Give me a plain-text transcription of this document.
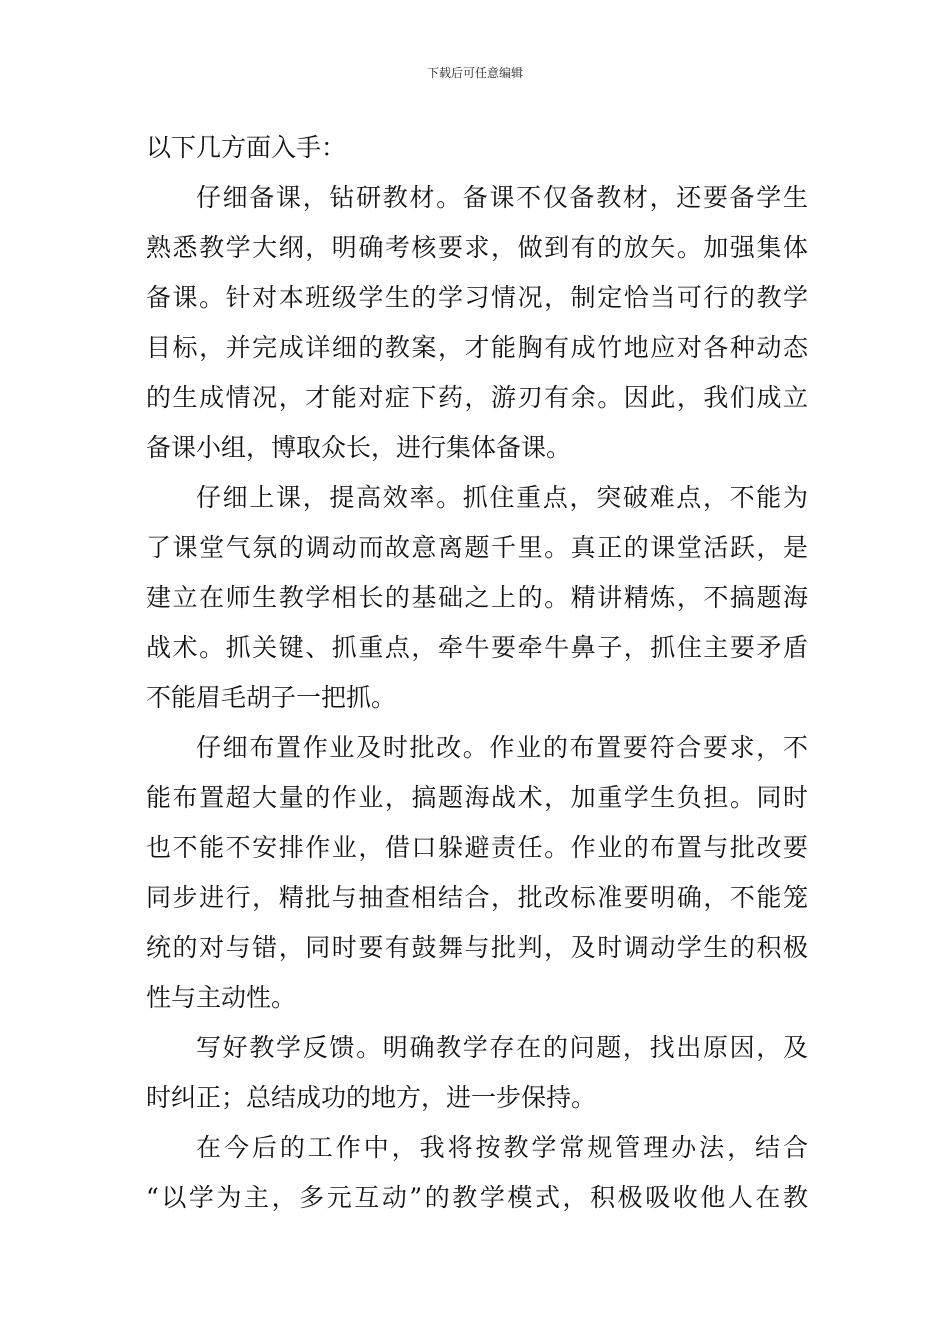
下载后可任意编辑
以下几方面入手：
仔细备课，钻研教材。备课不仅备教材，还要备学生
熟悉教学大纲，明确考核要求，做到有的放矢。加强集体
备课。针对本班级学生的学习情况，制定恰当可行的教学
目标，并完成详细的教案，才能胸有成竹地应对各种动态
的生成情况，才能对症下药，游刃有余。因此，我们成立
备课小组，博取众长，进行集体备课。
仔细上课，提高效率。抓住重点，突破难点，不能为
了课堂气氛的调动而故意离题千里。真正的课堂活跃，是
建立在师生教学相长的基础之上的。精讲精炼，不搞题海
战术。抓关键、抓重点，牵牛要牵牛鼻子，抓住主要矛盾
不能眉毛胡子一把抓。
仔细布置作业及时批改。作业的布置要符合要求，不
能布置超大量的作业，搞题海战术，加重学生负担。同时
也不能不安排作业，借口躲避责任。作业的布置与批改要
同步进行，精批与抽查相结合，批改标准要明确，不能笼
统的对与错，同时要有鼓舞与批判，及时调动学生的积极
性与主动性。
写好教学反馈。明确教学存在的问题，找出原因，及
时纠正；总结成功的地方，进一步保持。
在今后的工作中，我将按教学常规管理办法，结合
“以学为主，多元互动”的教学模式，积极吸收他人在教
